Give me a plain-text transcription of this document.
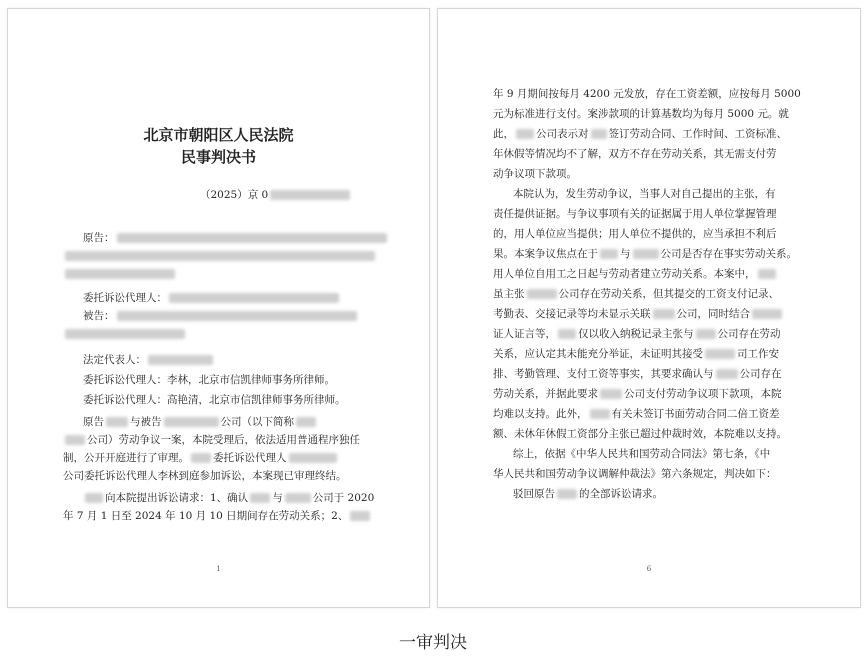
北京市朝阳区人民法院
民事判决书
（2025）京 0
原告：
委托诉讼代理人：
被告：
法定代表人：
委托诉讼代理人：李林，北京市信凯律师事务所律师。
委托诉讼代理人：高艳清，北京市信凯律师事务所律师。
原告 与被告	公司（以下简称
公司）劳动争议一案，本院受理后，依法适用普通程序独任
制，公开开庭进行了审理。 委托诉讼代理人
公司委托诉讼代理人李林到庭参加诉讼，本案现已审理终结。
向本院提出诉讼请求：1、确认 与	公司于 2020
年 7 月 1 日至 2024 年 10 月 10 日期间存在劳动关系；2、
1
年 9 月期间按每月 4200 元发放，存在工资差额，应按每月 5000
元为标准进行支付。案涉款项的计算基数均为每月 5000 元。就
此， 公司表示对 签订劳动合同、工作时间、工资标准、
年休假等情况均不了解，双方不存在劳动关系，其无需支付劳
动争议项下款项。
本院认为，发生劳动争议，当事人对自己提出的主张，有
责任提供证据。与争议事项有关的证据属于用人单位掌握管理
的，用人单位应当提供；用人单位不提供的，应当承担不利后
果。本案争议焦点在于 与	公司是否存在事实劳动关系。
用人单位自用工之日起与劳动者建立劳动关系。本案中，
虽主张	公司存在劳动关系，但其提交的工资支付记录、
考勤表、交接记录等均未显示关联 公司，同时结合
证人证言等， 仅以收入纳税记录主张与 公司存在劳动
关系，应认定其未能充分举证，未证明其接受	司工作安
排、考勤管理、支付工资等事实，其要求确认与 公司存在
劳动关系，并据此要求 公司支付劳动争议项下款项，本院
均难以支持。此外， 有关未签订书面劳动合同二倍工资差
额、未休年休假工资部分主张已超过仲裁时效，本院难以支持。
综上，依据《中华人民共和国劳动合同法》第七条，《中
华人民共和国劳动争议调解仲裁法》第六条规定，判决如下：
驳回原告 的全部诉讼请求。
6
一审判决
